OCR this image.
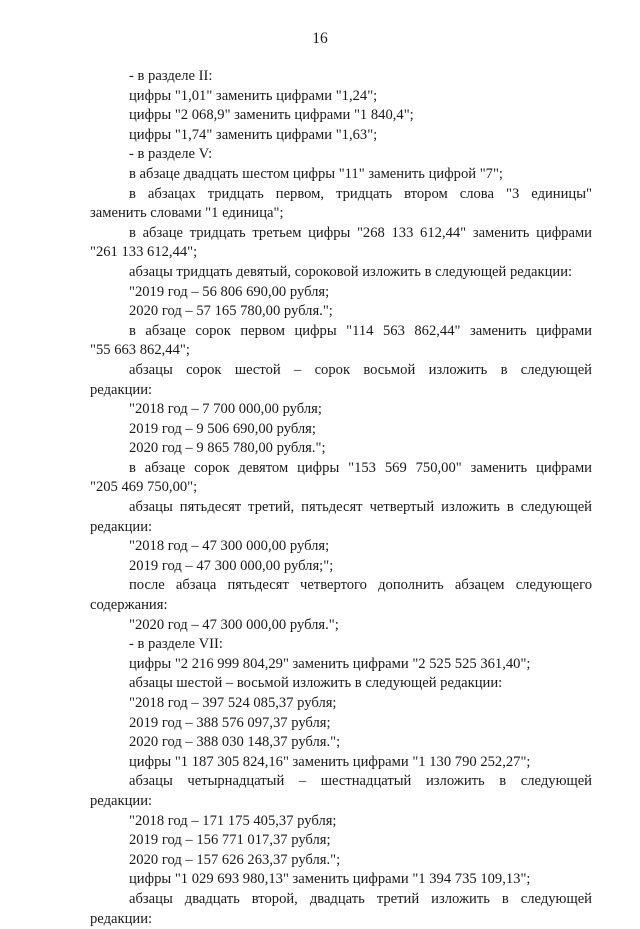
16
- в разделе II:
цифры "1,01" заменить цифрами "1,24";
цифры "2 068,9" заменить цифрами "1 840,4";
цифры "1,74" заменить цифрами "1,63";
- в разделе V:
в абзаце двадцать шестом цифры "11" заменить цифрой "7";
в абзацах тридцать первом, тридцать втором слова "3 единицы"
заменить словами "1 единица";
в абзаце тридцать третьем цифры "268 133 612,44" заменить цифрами
"261 133 612,44";
абзацы тридцать девятый, сороковой изложить в следующей редакции:
"2019 год – 56 806 690,00 рубля;
2020 год – 57 165 780,00 рубля.";
в абзаце сорок первом цифры "114 563 862,44" заменить цифрами
"55 663 862,44";
абзацы сорок шестой – сорок восьмой изложить в следующей
редакции:
"2018 год – 7 700 000,00 рубля;
2019 год – 9 506 690,00 рубля;
2020 год – 9 865 780,00 рубля.";
в абзаце сорок девятом цифры "153 569 750,00" заменить цифрами
"205 469 750,00";
абзацы пятьдесят третий, пятьдесят четвертый изложить в следующей
редакции:
"2018 год – 47 300 000,00 рубля;
2019 год – 47 300 000,00 рубля;";
после абзаца пятьдесят четвертого дополнить абзацем следующего
содержания:
"2020 год – 47 300 000,00 рубля.";
- в разделе VII:
цифры "2 216 999 804,29" заменить цифрами "2 525 525 361,40";
абзацы шестой – восьмой изложить в следующей редакции:
"2018 год – 397 524 085,37 рубля;
2019 год – 388 576 097,37 рубля;
2020 год – 388 030 148,37 рубля.";
цифры "1 187 305 824,16" заменить цифрами "1 130 790 252,27";
абзацы четырнадцатый – шестнадцатый изложить в следующей
редакции:
"2018 год – 171 175 405,37 рубля;
2019 год – 156 771 017,37 рубля;
2020 год – 157 626 263,37 рубля.";
цифры "1 029 693 980,13" заменить цифрами "1 394 735 109,13";
абзацы двадцать второй, двадцать третий изложить в следующей
редакции:
